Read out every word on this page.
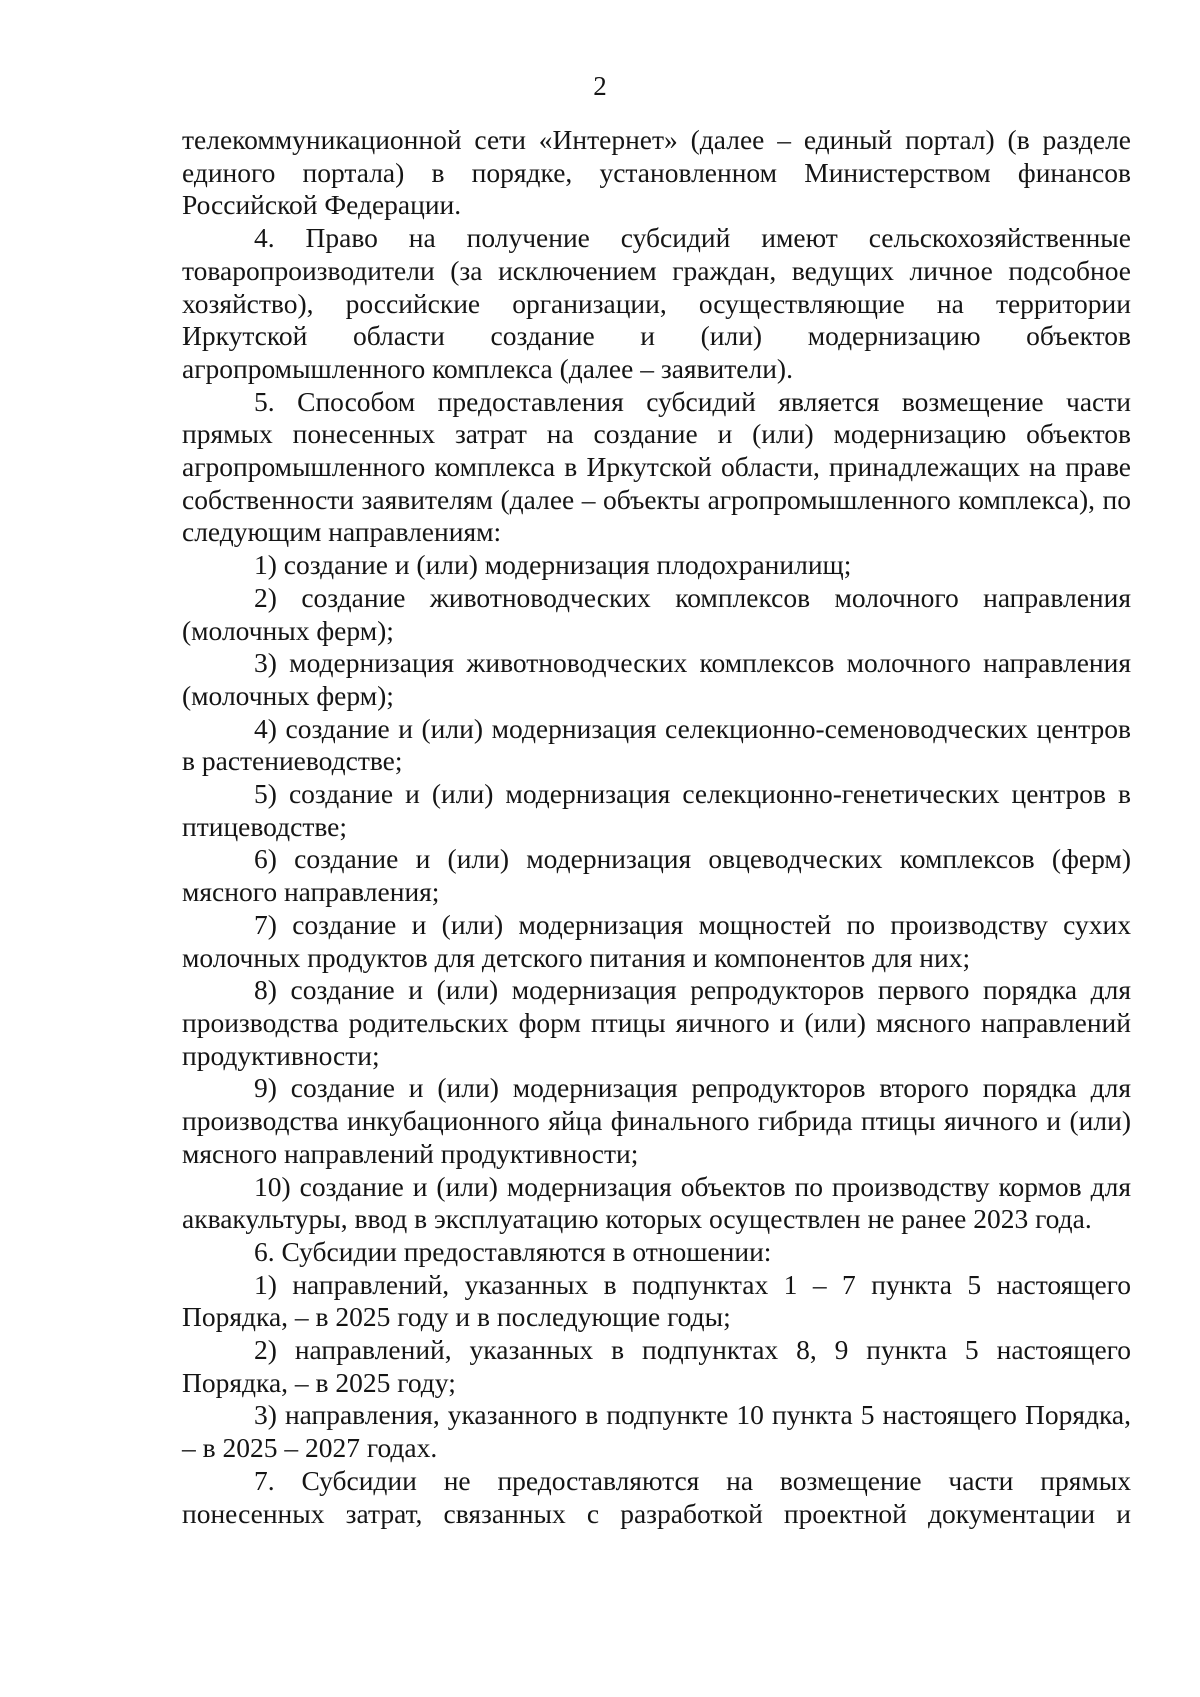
2

телекоммуникационной сети «Интернет» (далее – единый портал) (в разделе единого портала) в порядке, установленном Министерством финансов Российской Федерации.

4. Право на получение субсидий имеют сельскохозяйственные товаропроизводители (за исключением граждан, ведущих личное подсобное хозяйство), российские организации, осуществляющие на территории Иркутской области создание и (или) модернизацию объектов агропромышленного комплекса (далее – заявители).

5. Способом предоставления субсидий является возмещение части прямых понесенных затрат на создание и (или) модернизацию объектов агропромышленного комплекса в Иркутской области, принадлежащих на праве собственности заявителям (далее – объекты агропромышленного комплекса), по следующим направлениям:

1) создание и (или) модернизация плодохранилищ;

2) создание животноводческих комплексов молочного направления (молочных ферм);

3) модернизация животноводческих комплексов молочного направления (молочных ферм);

4) создание и (или) модернизация селекционно-семеноводческих центров в растениеводстве;

5) создание и (или) модернизация селекционно-генетических центров в птицеводстве;

6) создание и (или) модернизация овцеводческих комплексов (ферм) мясного направления;

7) создание и (или) модернизация мощностей по производству сухих молочных продуктов для детского питания и компонентов для них;

8) создание и (или) модернизация репродукторов первого порядка для производства родительских форм птицы яичного и (или) мясного направлений продуктивности;

9) создание и (или) модернизация репродукторов второго порядка для производства инкубационного яйца финального гибрида птицы яичного и (или) мясного направлений продуктивности;

10) создание и (или) модернизация объектов по производству кормов для аквакультуры, ввод в эксплуатацию которых осуществлен не ранее 2023 года.

6. Субсидии предоставляются в отношении:

1) направлений, указанных в подпунктах 1 – 7 пункта 5 настоящего Порядка, – в 2025 году и в последующие годы;

2) направлений, указанных в подпунктах 8, 9 пункта 5 настоящего Порядка, – в 2025 году;

3) направления, указанного в подпункте 10 пункта 5 настоящего Порядка, – в 2025 – 2027 годах.

7. Субсидии не предоставляются на возмещение части прямых понесенных затрат, связанных с разработкой проектной документации и
